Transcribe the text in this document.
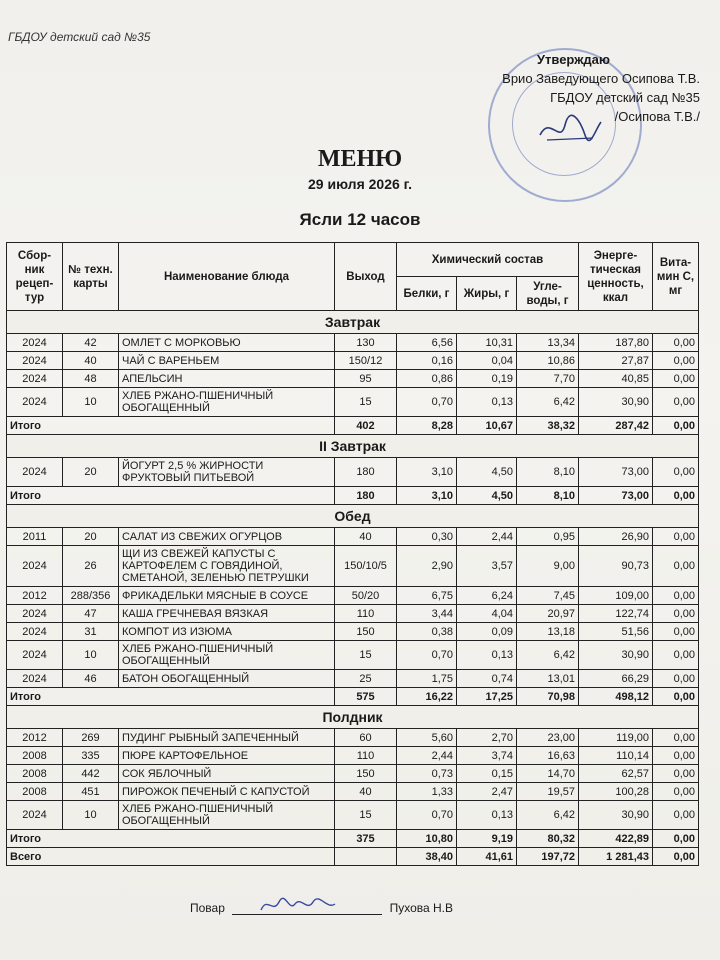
ГБДОУ детский сад №35
Утверждаю
Врио Заведующего Осипова Т.В.
ГБДОУ детский сад №35
/Осипова Т.В./
МЕНЮ
29 июля 2026 г.
Ясли 12 часов
Сбор-ник рецеп-тур	№ техн. карты	Наименование блюда	Выход	Химический состав			Энерге-тическая ценность, ккал	Вита-мин С, мг
				Белки, г	Жиры, г	Угле-воды, г		
Завтрак								
2024	42	ОМЛЕТ С МОРКОВЬЮ	130	6,56	10,31	13,34	187,80	0,00
2024	40	ЧАЙ С ВАРЕНЬЕМ	150/12	0,16	0,04	10,86	27,87	0,00
2024	48	АПЕЛЬСИН	95	0,86	0,19	7,70	40,85	0,00
2024	10	ХЛЕБ РЖАНО-ПШЕНИЧНЫЙ ОБОГАЩЕННЫЙ	15	0,70	0,13	6,42	30,90	0,00
Итого			402	8,28	10,67	38,32	287,42	0,00
II Завтрак								
2024	20	ЙОГУРТ 2,5 % ЖИРНОСТИ ФРУКТОВЫЙ ПИТЬЕВОЙ	180	3,10	4,50	8,10	73,00	0,00
Итого			180	3,10	4,50	8,10	73,00	0,00
Обед								
2011	20	САЛАТ ИЗ СВЕЖИХ ОГУРЦОВ	40	0,30	2,44	0,95	26,90	0,00
2024	26	ЩИ ИЗ СВЕЖЕЙ КАПУСТЫ С КАРТОФЕЛЕМ С ГОВЯДИНОЙ, СМЕТАНОЙ, ЗЕЛЕНЬЮ ПЕТРУШКИ	150/10/5	2,90	3,57	9,00	90,73	0,00
2012	288/356	ФРИКАДЕЛЬКИ МЯСНЫЕ В СОУСЕ	50/20	6,75	6,24	7,45	109,00	0,00
2024	47	КАША ГРЕЧНЕВАЯ ВЯЗКАЯ	110	3,44	4,04	20,97	122,74	0,00
2024	31	КОМПОТ ИЗ ИЗЮМА	150	0,38	0,09	13,18	51,56	0,00
2024	10	ХЛЕБ РЖАНО-ПШЕНИЧНЫЙ ОБОГАЩЕННЫЙ	15	0,70	0,13	6,42	30,90	0,00
2024	46	БАТОН ОБОГАЩЕННЫЙ	25	1,75	0,74	13,01	66,29	0,00
Итого			575	16,22	17,25	70,98	498,12	0,00
Полдник								
2012	269	ПУДИНГ РЫБНЫЙ ЗАПЕЧЕННЫЙ	60	5,60	2,70	23,00	119,00	0,00
2008	335	ПЮРЕ КАРТОФЕЛЬНОЕ	110	2,44	3,74	16,63	110,14	0,00
2008	442	СОК ЯБЛОЧНЫЙ	150	0,73	0,15	14,70	62,57	0,00
2008	451	ПИРОЖОК ПЕЧЕНЫЙ С КАПУСТОЙ	40	1,33	2,47	19,57	100,28	0,00
2024	10	ХЛЕБ РЖАНО-ПШЕНИЧНЫЙ ОБОГАЩЕННЫЙ	15	0,70	0,13	6,42	30,90	0,00
Итого			375	10,80	9,19	80,32	422,89	0,00
Всего				38,40	41,61	197,72	1 281,43	0,00
Повар	Пухова Н.В
